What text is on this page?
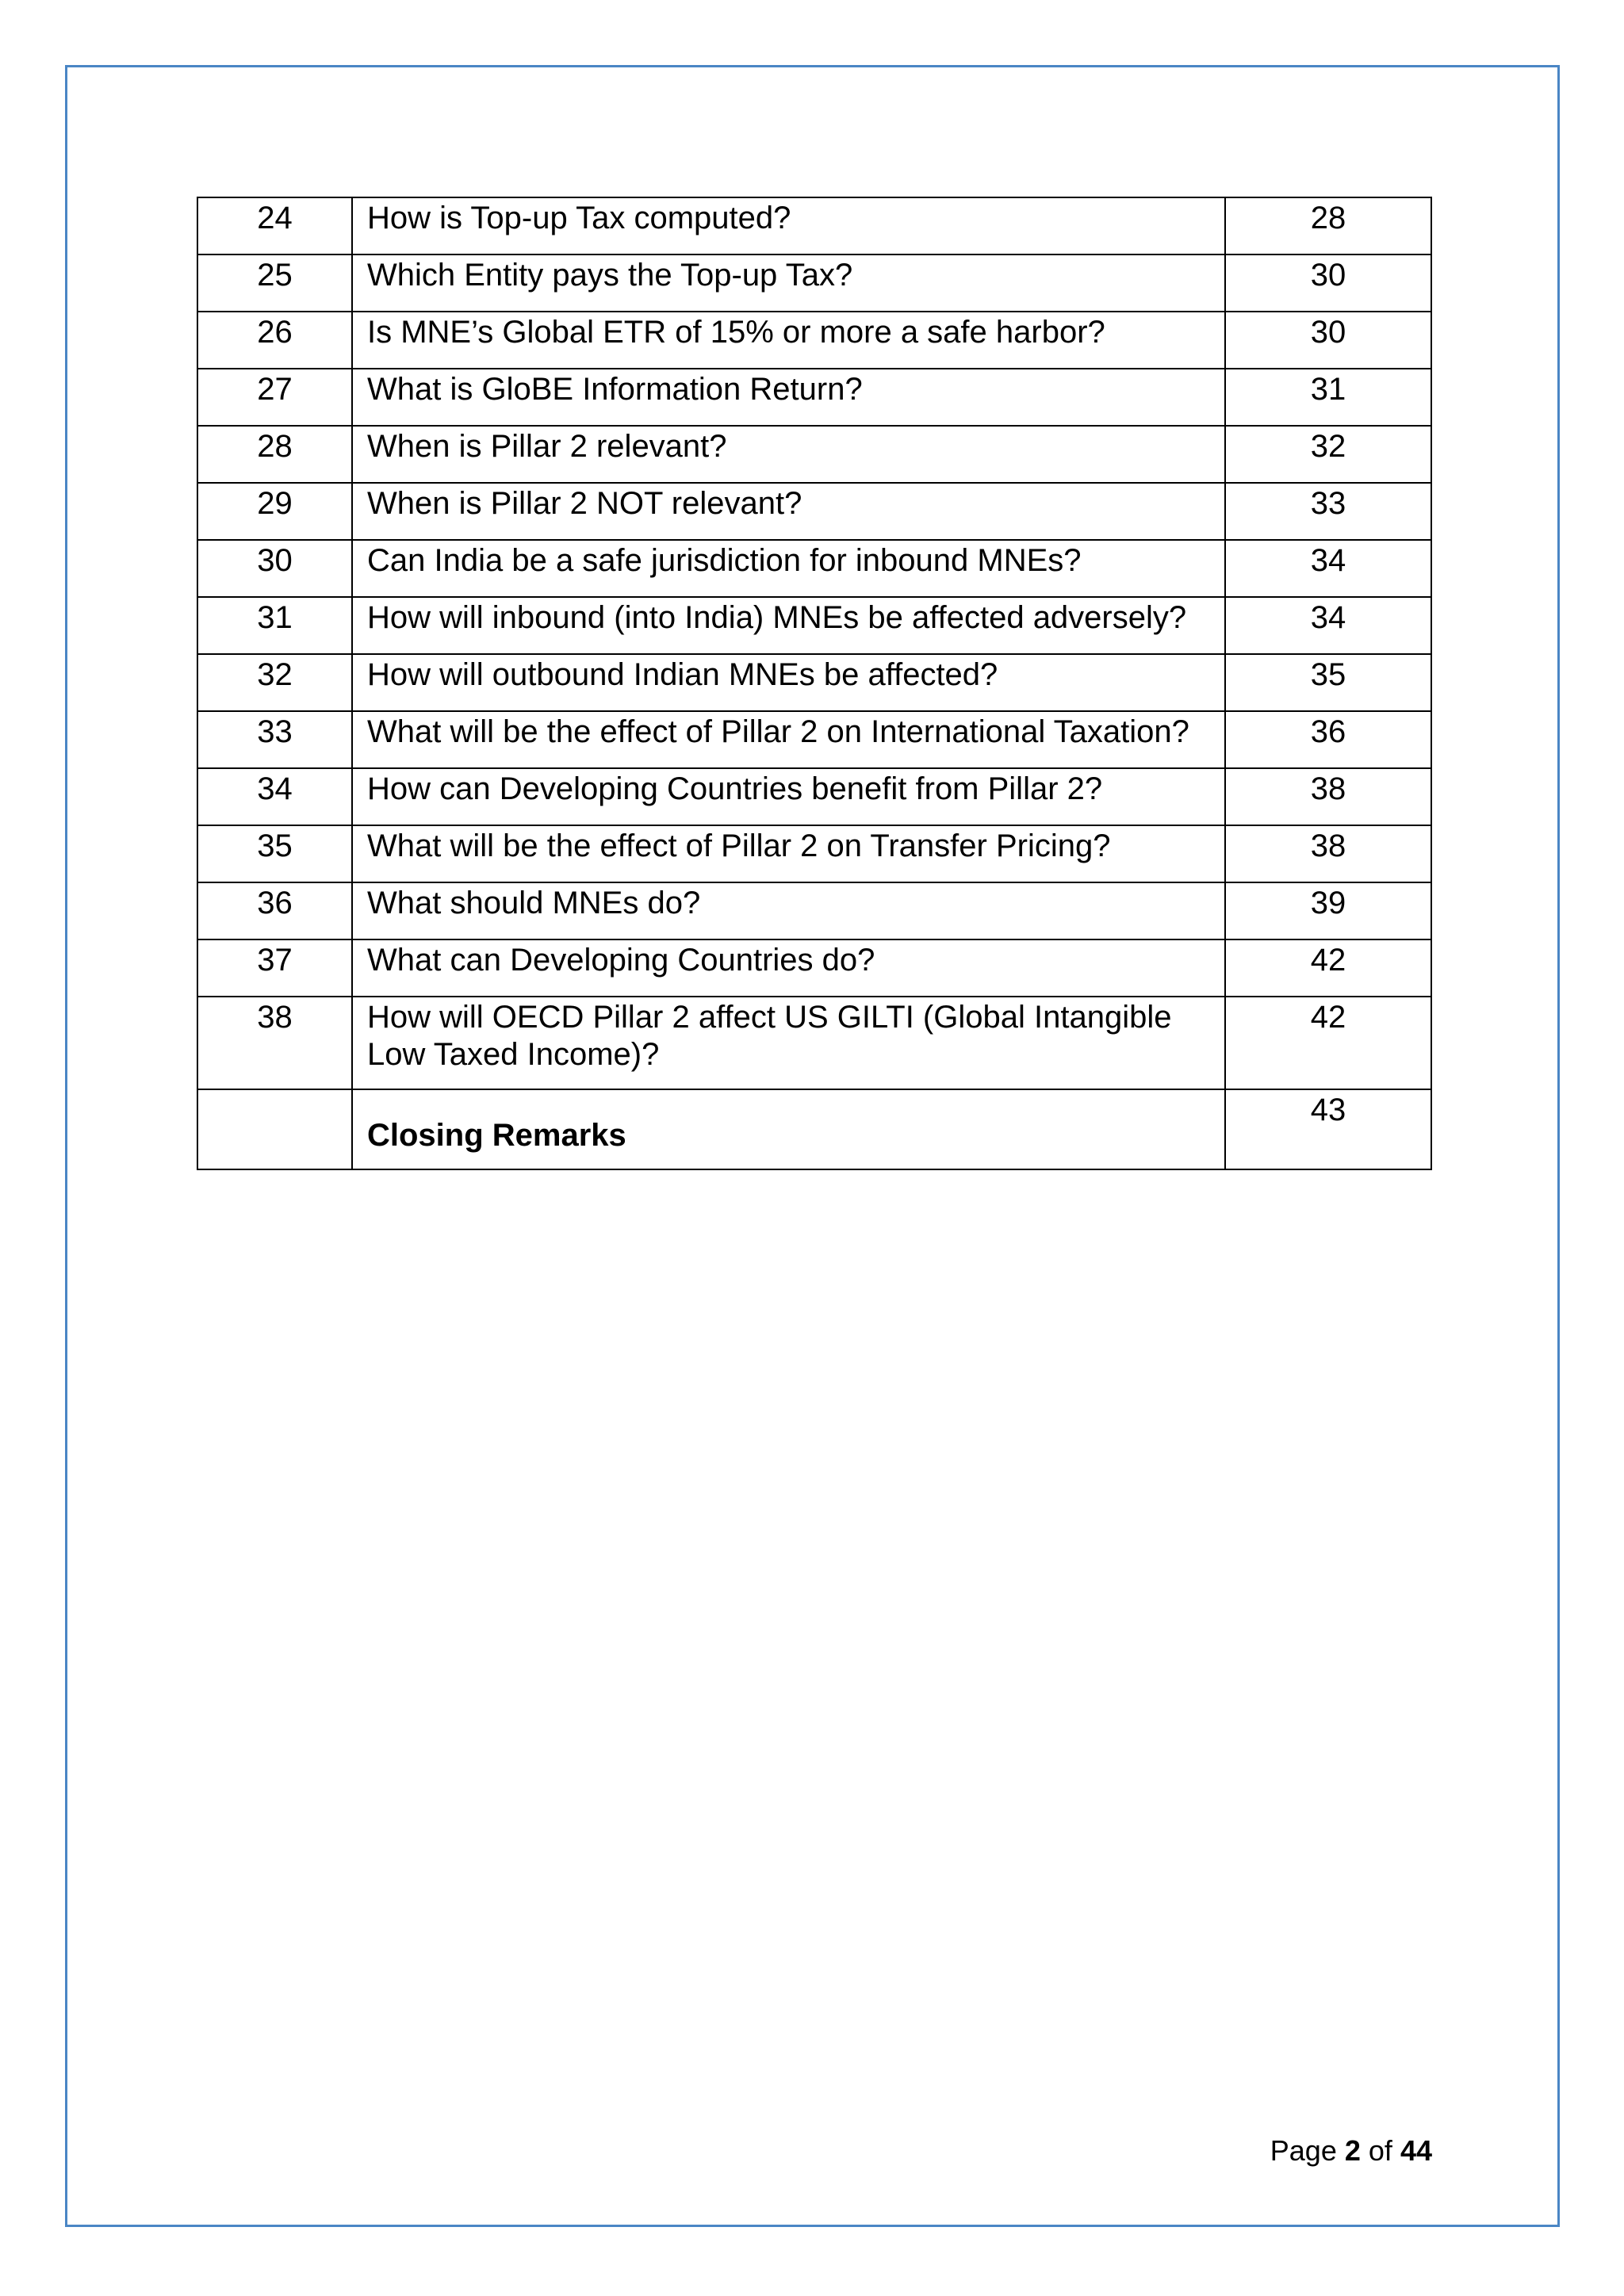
24	How is Top-up Tax computed?	28
25	Which Entity pays the Top-up Tax?	30
26	Is MNE’s Global ETR of 15% or more a safe harbor?	30
27	What is GloBE Information Return?	31
28	When is Pillar 2 relevant?	32
29	When is Pillar 2 NOT relevant?	33
30	Can India be a safe jurisdiction for inbound MNEs?	34
31	How will inbound (into India) MNEs be affected adversely?	34
32	How will outbound Indian MNEs be affected?	35
33	What will be the effect of Pillar 2 on International Taxation?	36
34	How can Developing Countries benefit from Pillar 2?	38
35	What will be the effect of Pillar 2 on Transfer Pricing?	38
36	What should MNEs do?	39
37	What can Developing Countries do?	42
38	How will OECD Pillar 2 affect US GILTI (Global Intangible Low Taxed Income)?	42

	Closing Remarks	43
Page 2 of 44
